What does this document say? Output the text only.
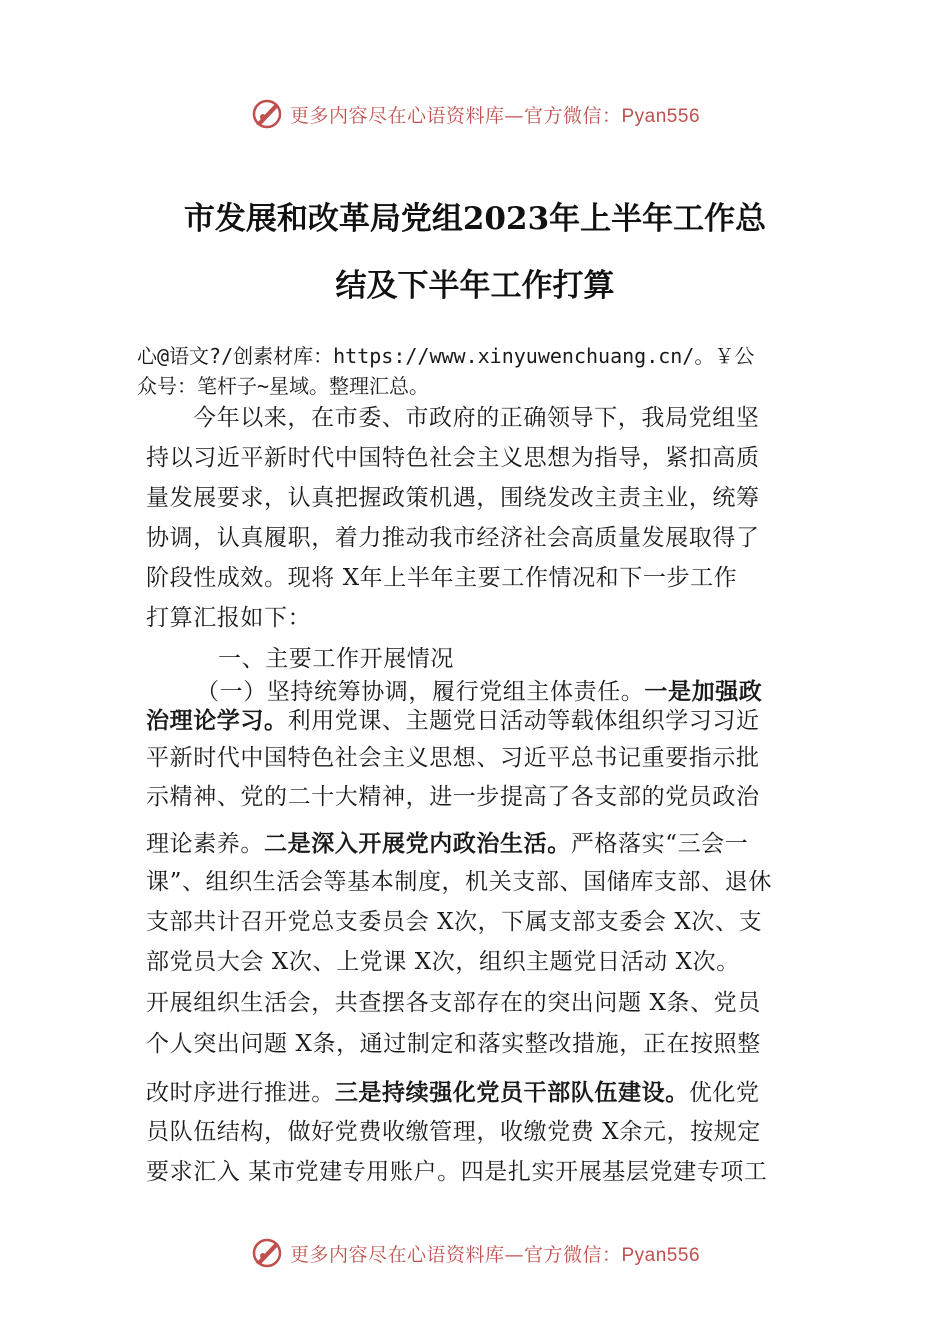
更多内容尽在心语资料库—官方微信：Pyan556
市发展和改革局党组2023年上半年工作总
结及下半年工作打算
心@语文?/创素材库：https://www.xinyuwenchuang.cn/。￥公
众号：笔杆子~星域。整理汇总。
今年以来，在市委、市政府的正确领导下，我局党组坚
持以习近平新时代中国特色社会主义思想为指导，紧扣高质
量发展要求，认真把握政策机遇，围绕发改主责主业，统筹
协调，认真履职，着力推动我市经济社会高质量发展取得了
阶段性成效。现将 X年上半年主要工作情况和下一步工作
打算汇报如下：
一、主要工作开展情况
（一）坚持统筹协调，履行党组主体责任。一是加强政
治理论学习。利用党课、主题党日活动等载体组织学习习近
平新时代中国特色社会主义思想、习近平总书记重要指示批
示精神、党的二十大精神，进一步提高了各支部的党员政治
理论素养。二是深入开展党内政治生活。严格落实“三会一
课”、组织生活会等基本制度，机关支部、国储库支部、退休
支部共计召开党总支委员会 X次，下属支部支委会 X次、支
部党员大会 X次、上党课 X次，组织主题党日活动 X次。
开展组织生活会，共查摆各支部存在的突出问题 X条、党员
个人突出问题 X条，通过制定和落实整改措施，正在按照整
改时序进行推进。三是持续强化党员干部队伍建设。优化党
员队伍结构，做好党费收缴管理，收缴党费 X余元，按规定
要求汇入 某市党建专用账户。四是扎实开展基层党建专项工
更多内容尽在心语资料库—官方微信：Pyan556
